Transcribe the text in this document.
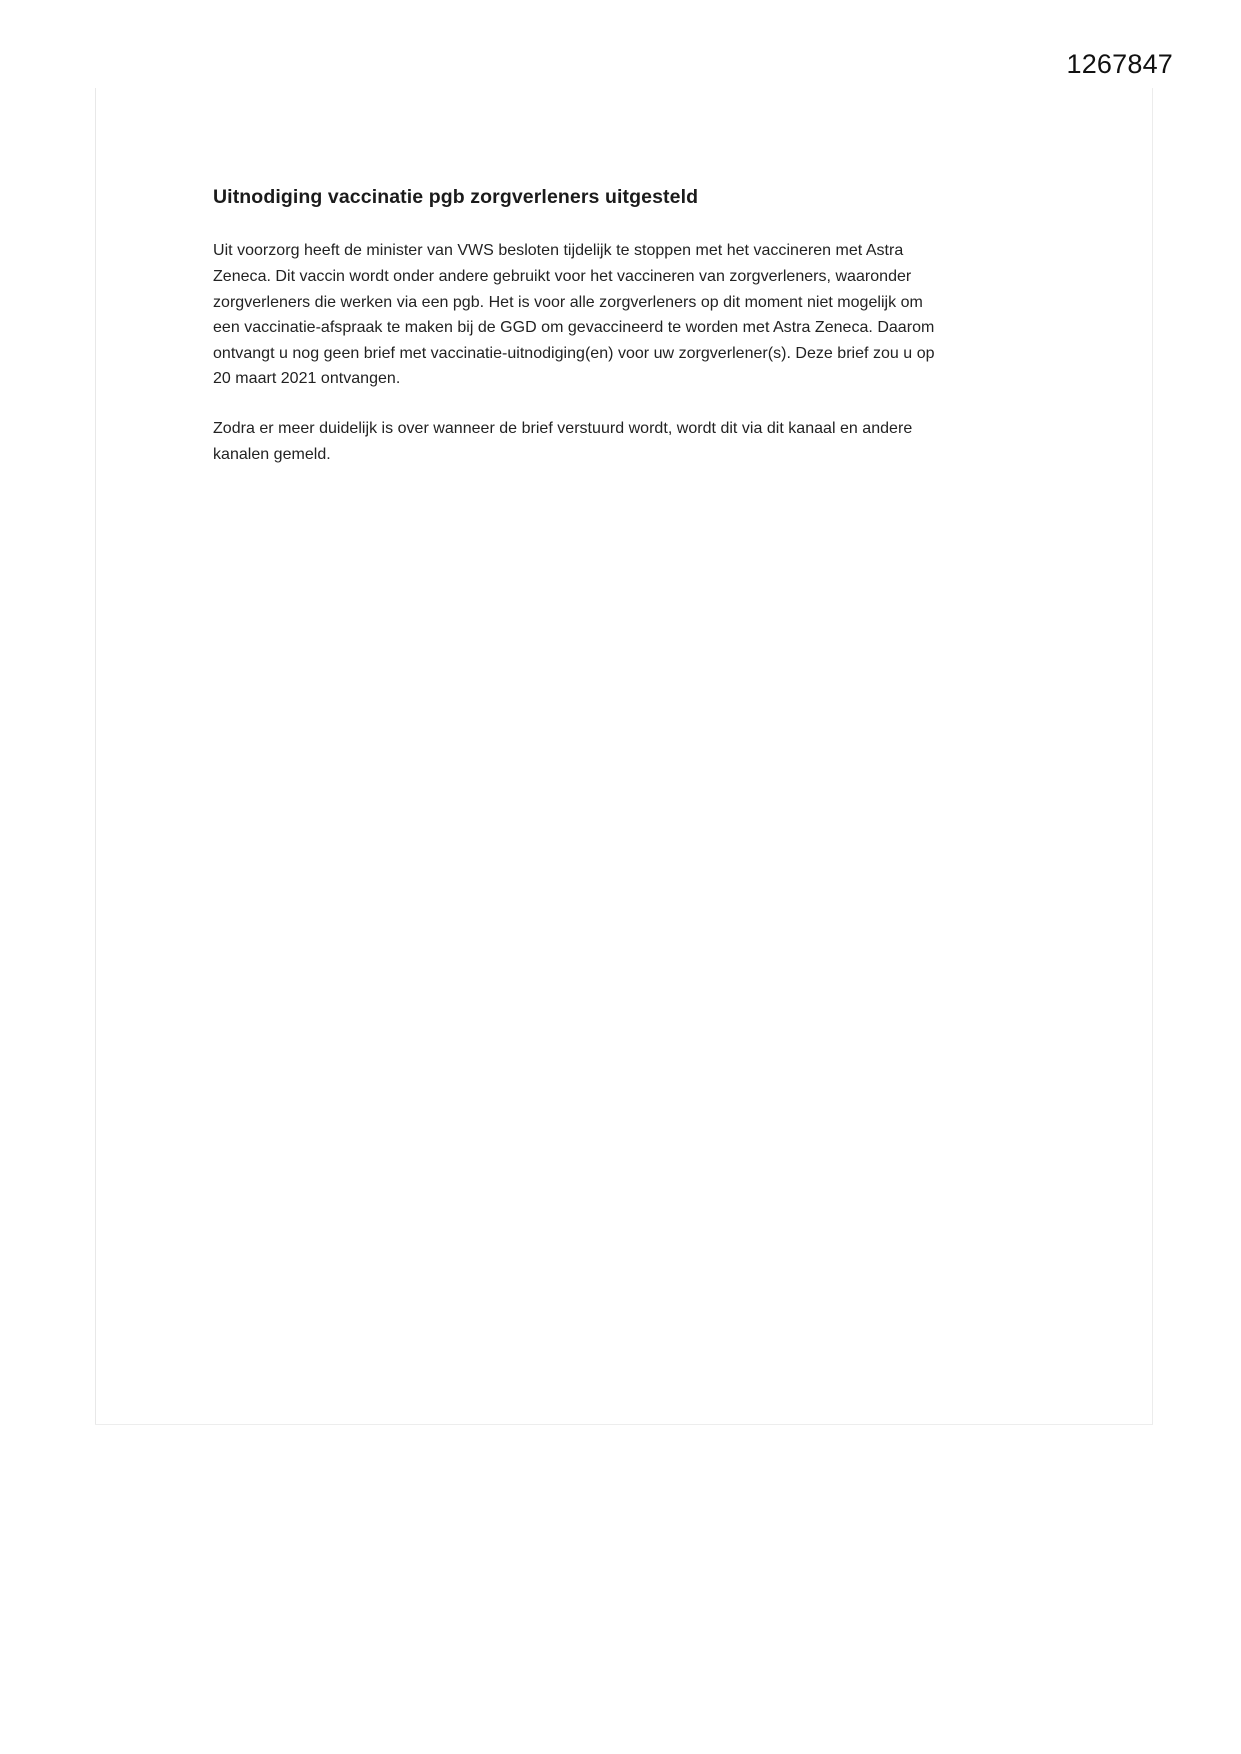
1267847
Uitnodiging vaccinatie pgb zorgverleners uitgesteld

Uit voorzorg heeft de minister van VWS besloten tijdelijk te stoppen met het vaccineren met Astra Zeneca. Dit vaccin wordt onder andere gebruikt voor het vaccineren van zorgverleners, waaronder zorgverleners die werken via een pgb. Het is voor alle zorgverleners op dit moment niet mogelijk om een vaccinatie-afspraak te maken bij de GGD om gevaccineerd te worden met Astra Zeneca. Daarom ontvangt u nog geen brief met vaccinatie-uitnodiging(en) voor uw zorgverlener(s). Deze brief zou u op 20 maart 2021 ontvangen.

Zodra er meer duidelijk is over wanneer de brief verstuurd wordt, wordt dit via dit kanaal en andere kanalen gemeld.
